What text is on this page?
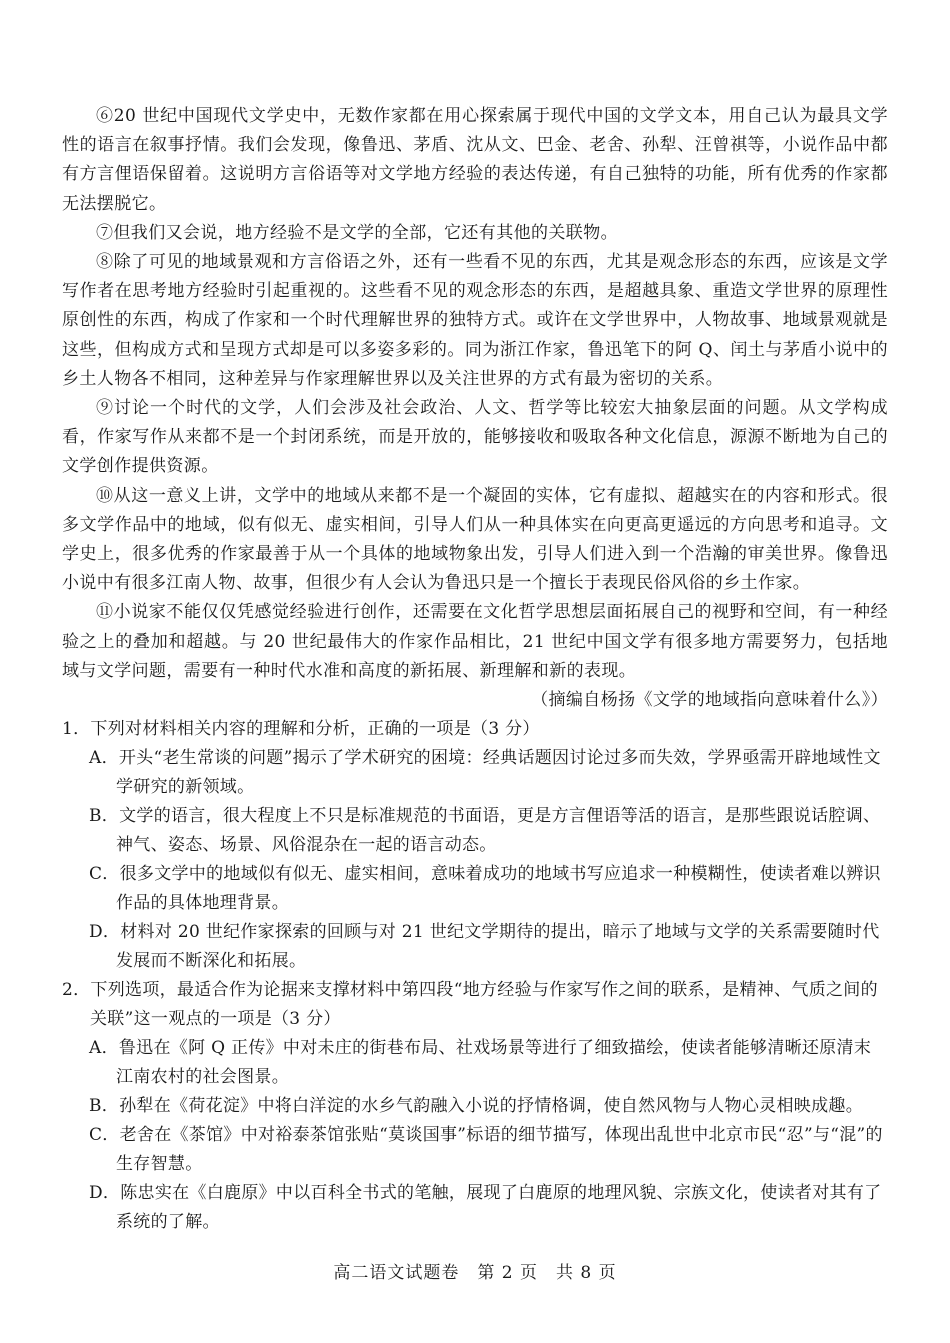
⑥20 世纪中国现代文学史中，无数作家都在用心探索属于现代中国的文学文本，用自己认为最具文学性的语言在叙事抒情。我们会发现，像鲁迅、茅盾、沈从文、巴金、老舍、孙犁、汪曾祺等，小说作品中都有方言俚语保留着。这说明方言俗语等对文学地方经验的表达传递，有自己独特的功能，所有优秀的作家都无法摆脱它。

⑦但我们又会说，地方经验不是文学的全部，它还有其他的关联物。

⑧除了可见的地域景观和方言俗语之外，还有一些看不见的东西，尤其是观念形态的东西，应该是文学写作者在思考地方经验时引起重视的。这些看不见的观念形态的东西，是超越具象、重造文学世界的原理性原创性的东西，构成了作家和一个时代理解世界的独特方式。或许在文学世界中，人物故事、地域景观就是这些，但构成方式和呈现方式却是可以多姿多彩的。同为浙江作家，鲁迅笔下的阿 Q、闰土与茅盾小说中的乡土人物各不相同，这种差异与作家理解世界以及关注世界的方式有最为密切的关系。

⑨讨论一个时代的文学，人们会涉及社会政治、人文、哲学等比较宏大抽象层面的问题。从文学构成看，作家写作从来都不是一个封闭系统，而是开放的，能够接收和吸取各种文化信息，源源不断地为自己的文学创作提供资源。

⑩从这一意义上讲，文学中的地域从来都不是一个凝固的实体，它有虚拟、超越实在的内容和形式。很多文学作品中的地域，似有似无、虚实相间，引导人们从一种具体实在向更高更遥远的方向思考和追寻。文学史上，很多优秀的作家最善于从一个具体的地域物象出发，引导人们进入到一个浩瀚的审美世界。像鲁迅小说中有很多江南人物、故事，但很少有人会认为鲁迅只是一个擅长于表现民俗风俗的乡土作家。

⑪小说家不能仅仅凭感觉经验进行创作，还需要在文化哲学思想层面拓展自己的视野和空间，有一种经验之上的叠加和超越。与 20 世纪最伟大的作家作品相比，21 世纪中国文学有很多地方需要努力，包括地域与文学问题，需要有一种时代水准和高度的新拓展、新理解和新的表现。

（摘编自杨扬《文学的地域指向意味着什么》）

1．下列对材料相关内容的理解和分析，正确的一项是（3 分）

A．开头“老生常谈的问题”揭示了学术研究的困境：经典话题因讨论过多而失效，学界亟需开辟地域性文学研究的新领域。

B．文学的语言，很大程度上不只是标准规范的书面语，更是方言俚语等活的语言，是那些跟说话腔调、神气、姿态、场景、风俗混杂在一起的语言动态。

C．很多文学中的地域似有似无、虚实相间，意味着成功的地域书写应追求一种模糊性，使读者难以辨识作品的具体地理背景。

D．材料对 20 世纪作家探索的回顾与对 21 世纪文学期待的提出，暗示了地域与文学的关系需要随时代发展而不断深化和拓展。

2．下列选项，最适合作为论据来支撑材料中第四段“地方经验与作家写作之间的联系，是精神、气质之间的关联”这一观点的一项是（3 分）

A．鲁迅在《阿 Q 正传》中对未庄的街巷布局、社戏场景等进行了细致描绘，使读者能够清晰还原清末江南农村的社会图景。

B．孙犁在《荷花淀》中将白洋淀的水乡气韵融入小说的抒情格调，使自然风物与人物心灵相映成趣。

C．老舍在《茶馆》中对裕泰茶馆张贴“莫谈国事”标语的细节描写，体现出乱世中北京市民“忍”与“混”的生存智慧。

D．陈忠实在《白鹿原》中以百科全书式的笔触，展现了白鹿原的地理风貌、宗族文化，使读者对其有了系统的了解。

高二语文试题卷　第 2 页　共 8 页
